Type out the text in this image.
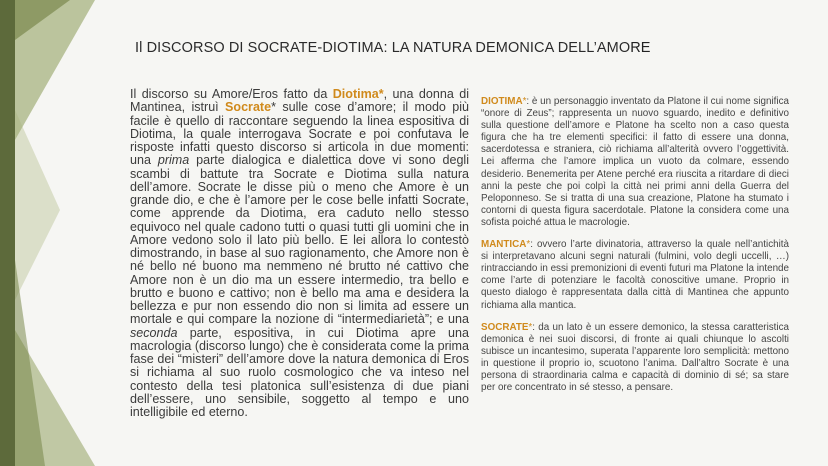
Il DISCORSO DI SOCRATE-DIOTIMA: LA NATURA DEMONICA DELL’AMORE
Il discorso su Amore/Eros fatto da Diotima*, una donna di Mantinea, istruì Socrate* sulle cose d’amore; il modo più facile è quello di raccontare seguendo la linea espositiva di Diotima, la quale interrogava Socrate e poi confutava le risposte infatti questo discorso si articola in due momenti: una prima parte dialogica e dialettica dove vi sono degli scambi di battute tra Socrate e Diotima sulla natura dell’amore. Socrate le disse più o meno che Amore è un grande dio, e che è l’amore per le cose belle infatti Socrate, come apprende da Diotima, era caduto nello stesso equivoco nel quale cadono tutti o quasi tutti gli uomini che in Amore vedono solo il lato più bello. E lei allora lo contestò dimostrando, in base al suo ragionamento, che Amore non è né bello né buono ma nemmeno né brutto né cattivo che Amore non è un dio ma un essere intermedio, tra bello e brutto e buono e cattivo; non è bello ma ama e desidera la bellezza e pur non essendo dio non si limita ad essere un mortale e qui compare la nozione di “intermediarietà”; e una seconda parte, espositiva, in cui Diotima apre una macrologia (discorso lungo) che è considerata come la prima fase dei “misteri” dell’amore dove la natura demonica di Eros si richiama al suo ruolo cosmologico che va inteso nel contesto della tesi platonica sull’esistenza di due piani dell’essere, uno sensibile, soggetto al tempo e uno intelligibile ed eterno.

DIOTIMA*: è un personaggio inventato da Platone il cui nome significa “onore di Zeus”; rappresenta un nuovo sguardo, inedito e definitivo sulla questione dell’amore e Platone ha scelto non a caso questa figura che ha tre elementi specifici: il fatto di essere una donna, sacerdotessa e straniera, ciò richiama all’alterità ovvero l’oggettività. Lei afferma che l’amore implica un vuoto da colmare, essendo desiderio. Benemerita per Atene perché era riuscita a ritardare di dieci anni la peste che poi colpì la città nei primi anni della Guerra del Peloponneso. Se si tratta di una sua creazione, Platone ha stumato i contorni di questa figura sacerdotale. Platone la considera come una sofista poiché attua le macrologie.

MANTICA*: ovvero l’arte divinatoria, attraverso la quale nell’antichità si interpretavano alcuni segni naturali (fulmini, volo degli uccelli, …) rintracciando in essi premonizioni di eventi futuri ma Platone la intende come l’arte di potenziare le facoltà conoscitive umane. Proprio in questo dialogo è rappresentata dalla città di Mantinea che appunto richiama alla mantica.

SOCRATE*: da un lato è un essere demonico, la stessa caratteristica demonica è nei suoi discorsi, di fronte ai quali chiunque lo ascolti subisce un incantesimo, superata l’apparente loro semplicità: mettono in questione il proprio io, scuotono l’anima. Dall’altro Socrate è una persona di straordinaria calma e capacità di dominio di sé; sa stare per ore concentrato in sé stesso, a pensare.
